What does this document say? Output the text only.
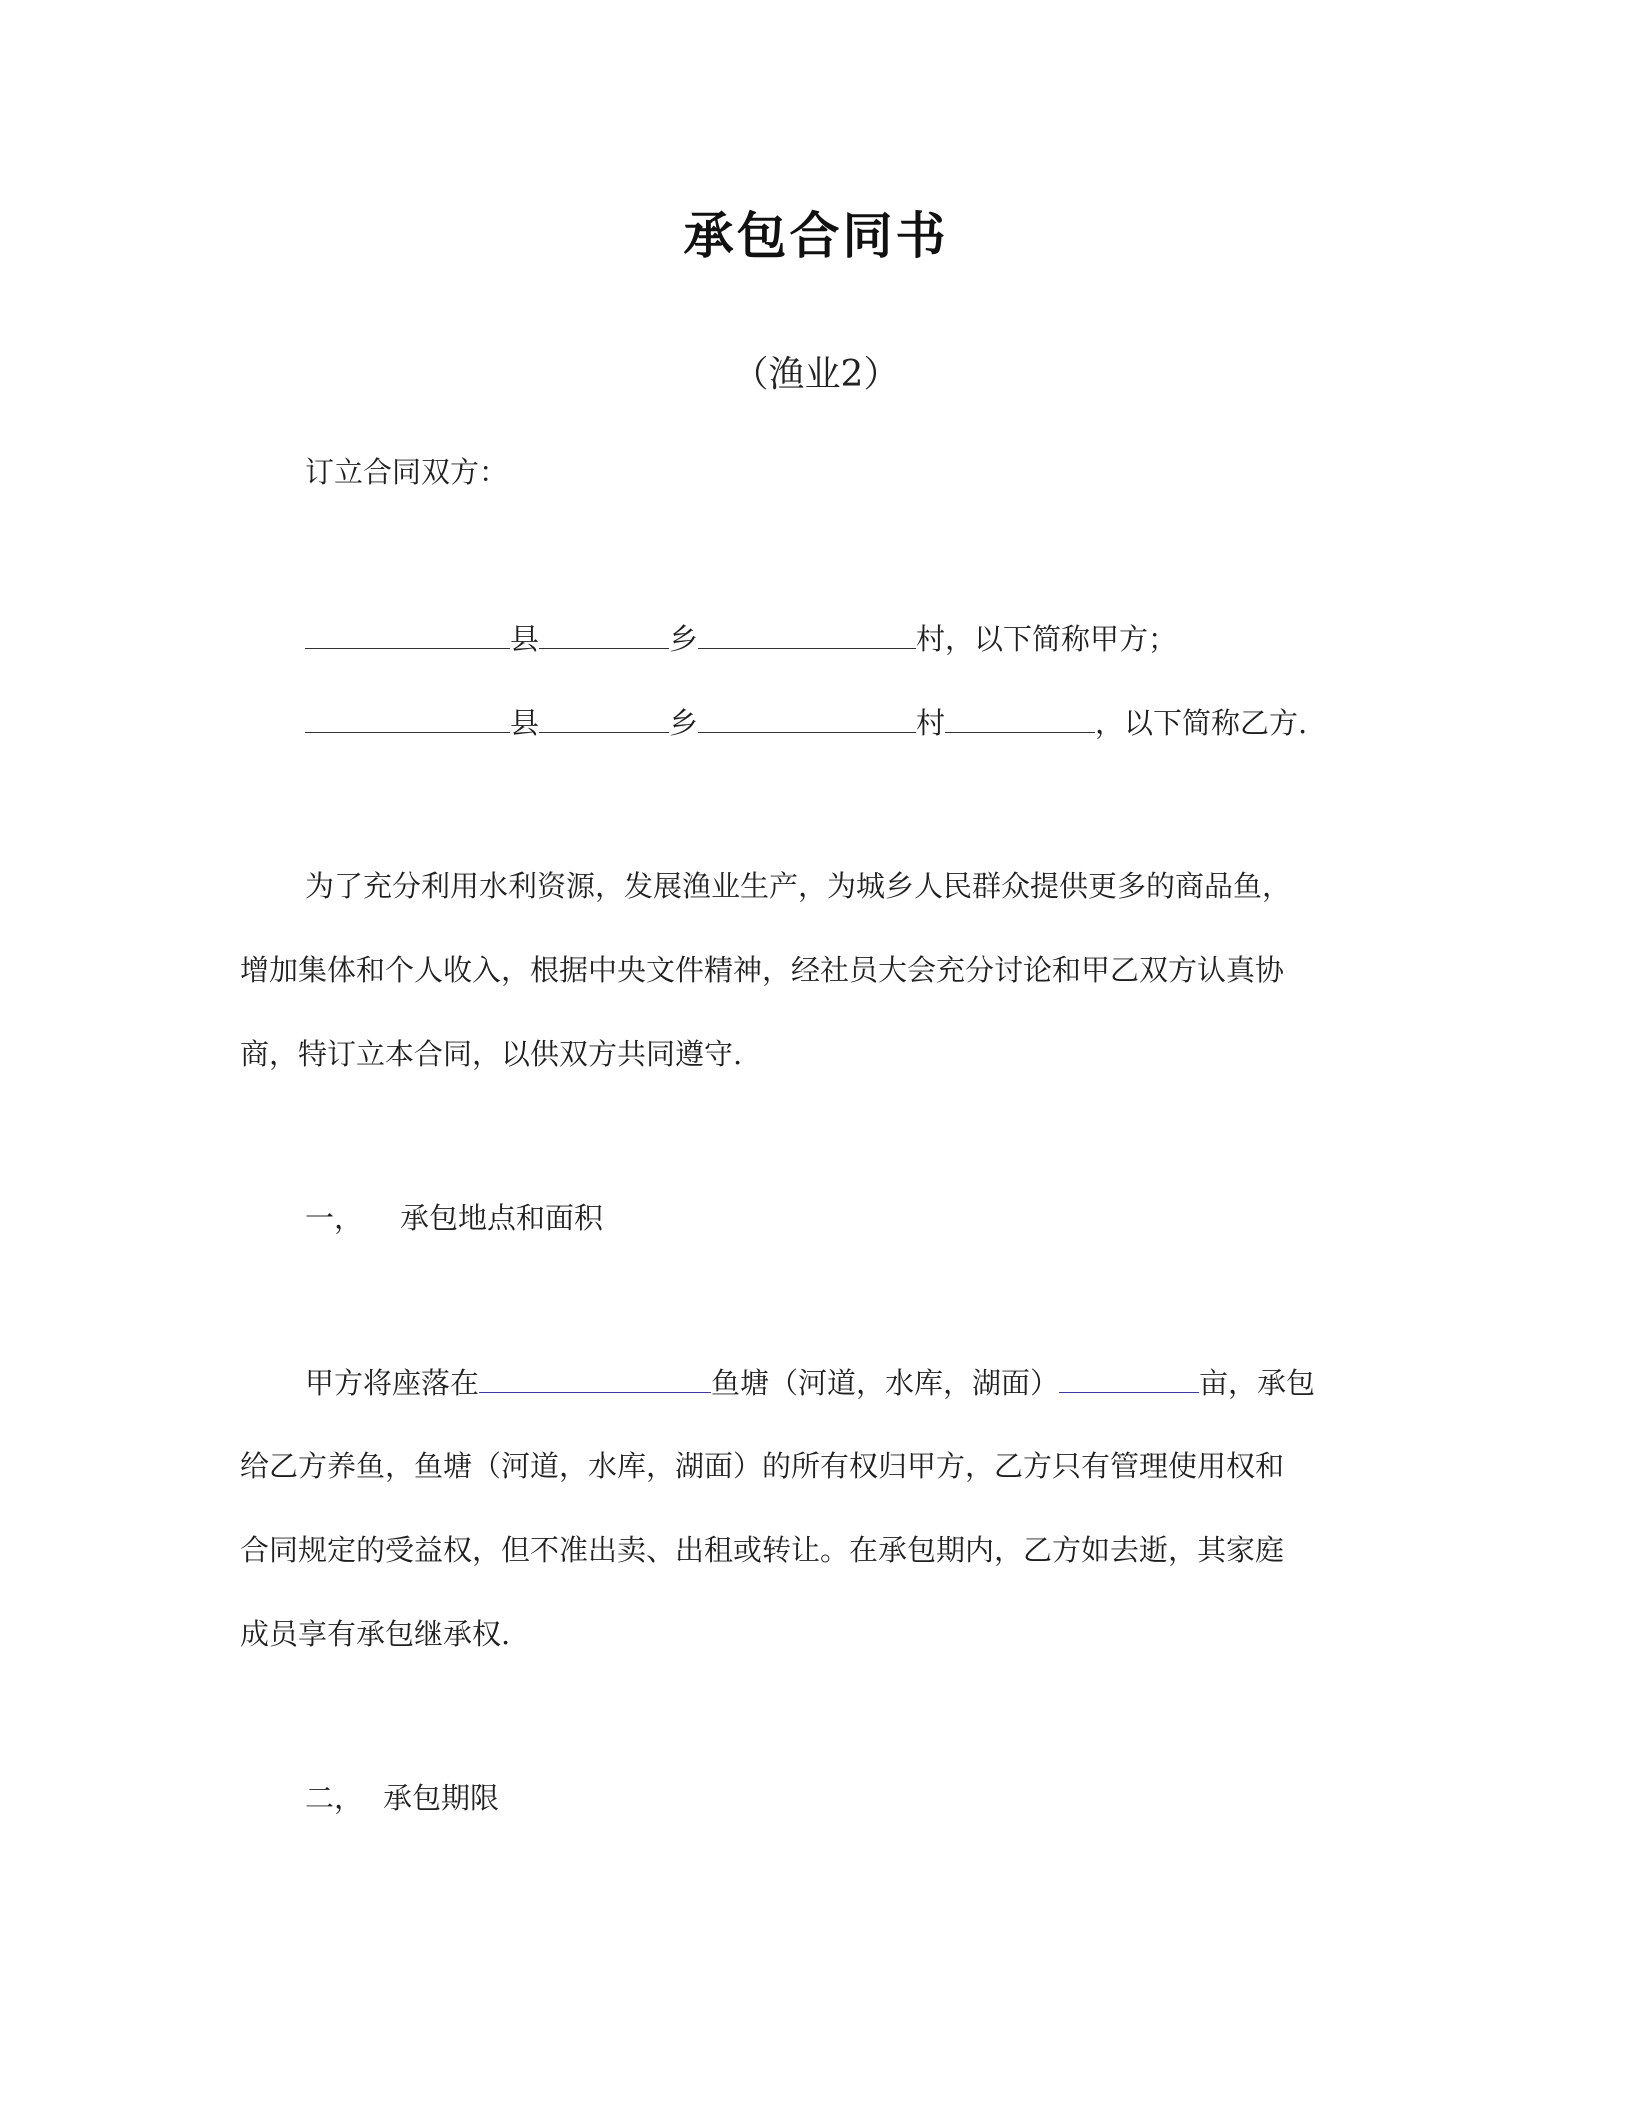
承包合同书
（渔业2）
订立合同双方：
县	乡	村，以下简称甲方；
县	乡	村	，以下简称乙方.
为了充分利用水利资源，发展渔业生产，为城乡人民群众提供更多的商品鱼，
增加集体和个人收入，根据中央文件精神，经社员大会充分讨论和甲乙双方认真协
商，特订立本合同，以供双方共同遵守.
一， 承包地点和面积
甲方将座落在	鱼塘（河道，水库，湖面）	亩，承包
给乙方养鱼，鱼塘（河道，水库，湖面）的所有权归甲方，乙方只有管理使用权和
合同规定的受益权，但不准出卖、出租或转让。在承包期内，乙方如去逝，其家庭
成员享有承包继承权.
二， 承包期限
